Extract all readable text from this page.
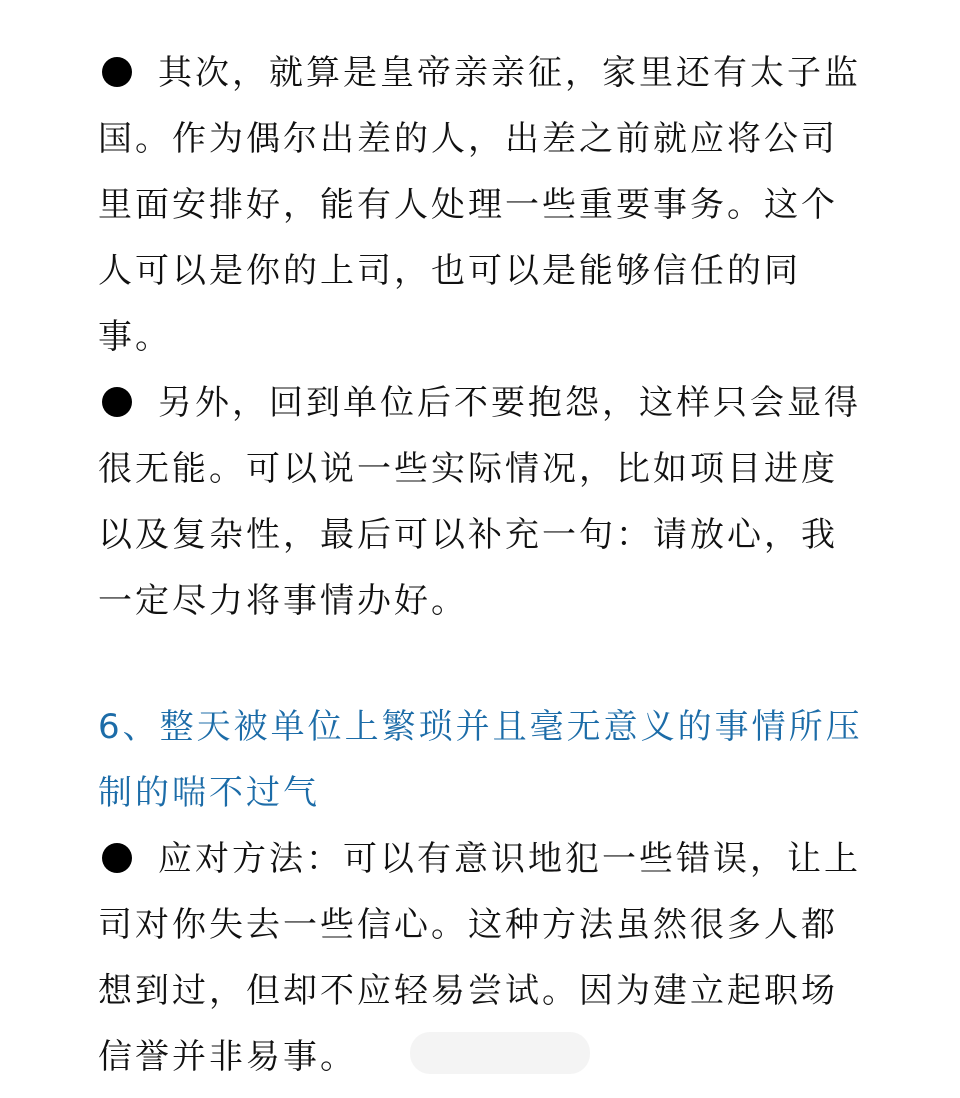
其次，就算是皇帝亲亲征，家里还有太子监国。作为偶尔出差的人，出差之前就应将公司里面安排好，能有人处理一些重要事务。这个人可以是你的上司，也可以是能够信任的同事。

另外，回到单位后不要抱怨，这样只会显得很无能。可以说一些实际情况，比如项目进度以及复杂性，最后可以补充一句：请放心，我一定尽力将事情办好。

6、整天被单位上繁琐并且毫无意义的事情所压制的喘不过气

应对方法：可以有意识地犯一些错误，让上司对你失去一些信心。这种方法虽然很多人都想到过，但却不应轻易尝试。因为建立起职场信誉并非易事。
